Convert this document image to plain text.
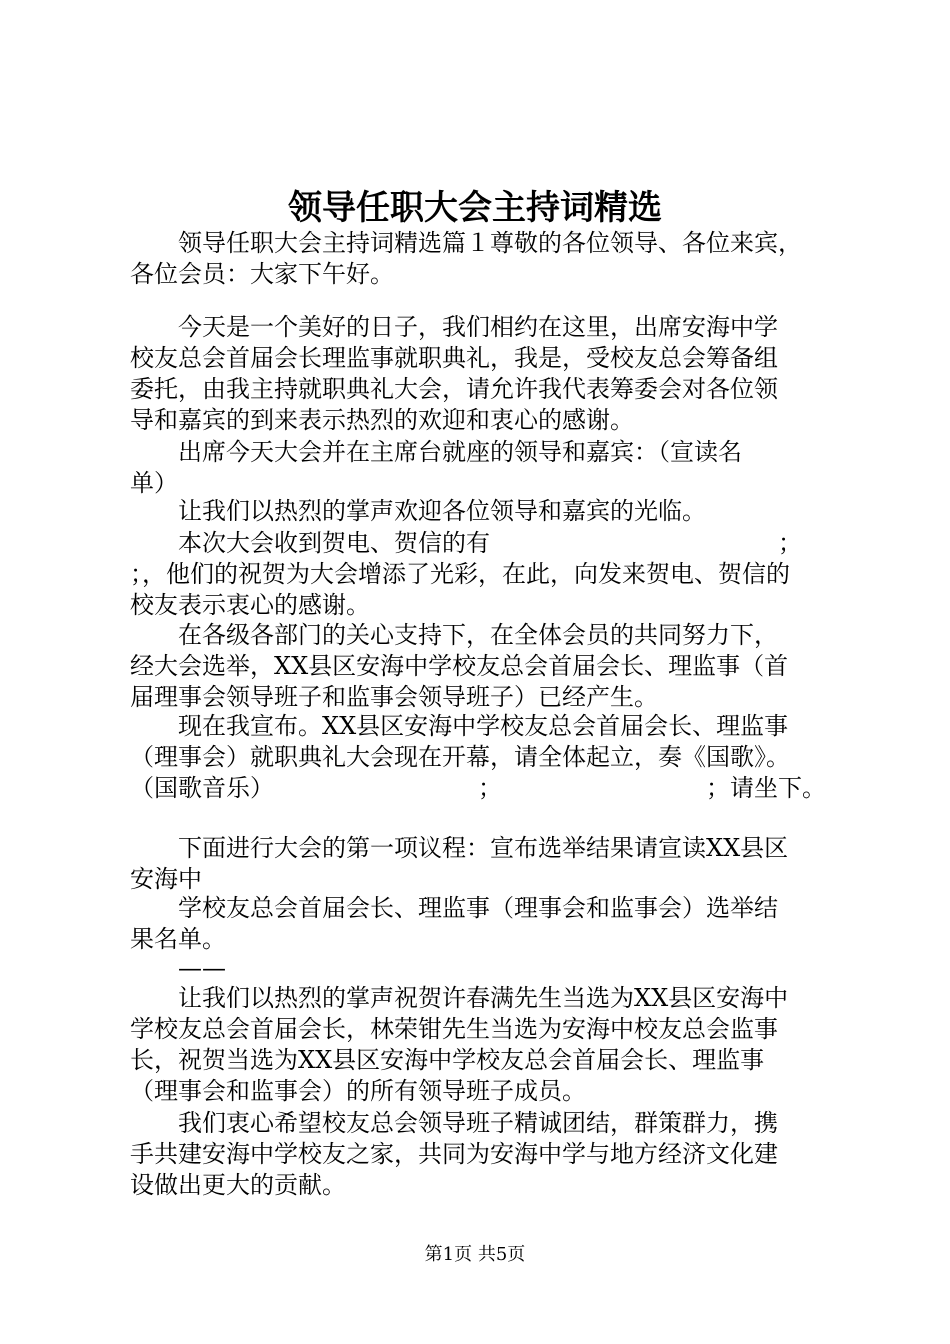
领导任职大会主持词精选
　　领导任职大会主持词精选篇１尊敬的各位领导、各位来宾，
各位会员：大家下午好。
　　今天是一个美好的日子，我们相约在这里，出席安海中学
校友总会首届会长理监事就职典礼，我是，受校友总会筹备组
委托，由我主持就职典礼大会，请允许我代表筹委会对各位领
导和嘉宾的到来表示热烈的欢迎和衷心的感谢。
　　出席今天大会并在主席台就座的领导和嘉宾：（宣读名
单）
　　让我们以热烈的掌声欢迎各位领导和嘉宾的光临。
　　本次大会收到贺电、贺信的有　　　　　　　　　　　　；
；，他们的祝贺为大会增添了光彩，在此，向发来贺电、贺信的
校友表示衷心的感谢。
　　在各级各部门的关心支持下，在全体会员的共同努力下，
经大会选举，XX县区安海中学校友总会首届会长、理监事（首
届理事会领导班子和监事会领导班子）已经产生。
　　现在我宣布。XX县区安海中学校友总会首届会长、理监事
（理事会）就职典礼大会现在开幕，请全体起立，奏《国歌》。
（国歌音乐）　　　　　　　　　；　　　　　　　　　；请坐下。
　　下面进行大会的第一项议程：宣布选举结果请宣读XX县区
安海中
　　学校友总会首届会长、理监事（理事会和监事会）选举结
果名单。
　　——
　　让我们以热烈的掌声祝贺许春满先生当选为XX县区安海中
学校友总会首届会长，林荣钳先生当选为安海中校友总会监事
长，祝贺当选为XX县区安海中学校友总会首届会长、理监事
（理事会和监事会）的所有领导班子成员。
　　我们衷心希望校友总会领导班子精诚团结，群策群力，携
手共建安海中学校友之家，共同为安海中学与地方经济文化建
设做出更大的贡献。
第1页 共5页
